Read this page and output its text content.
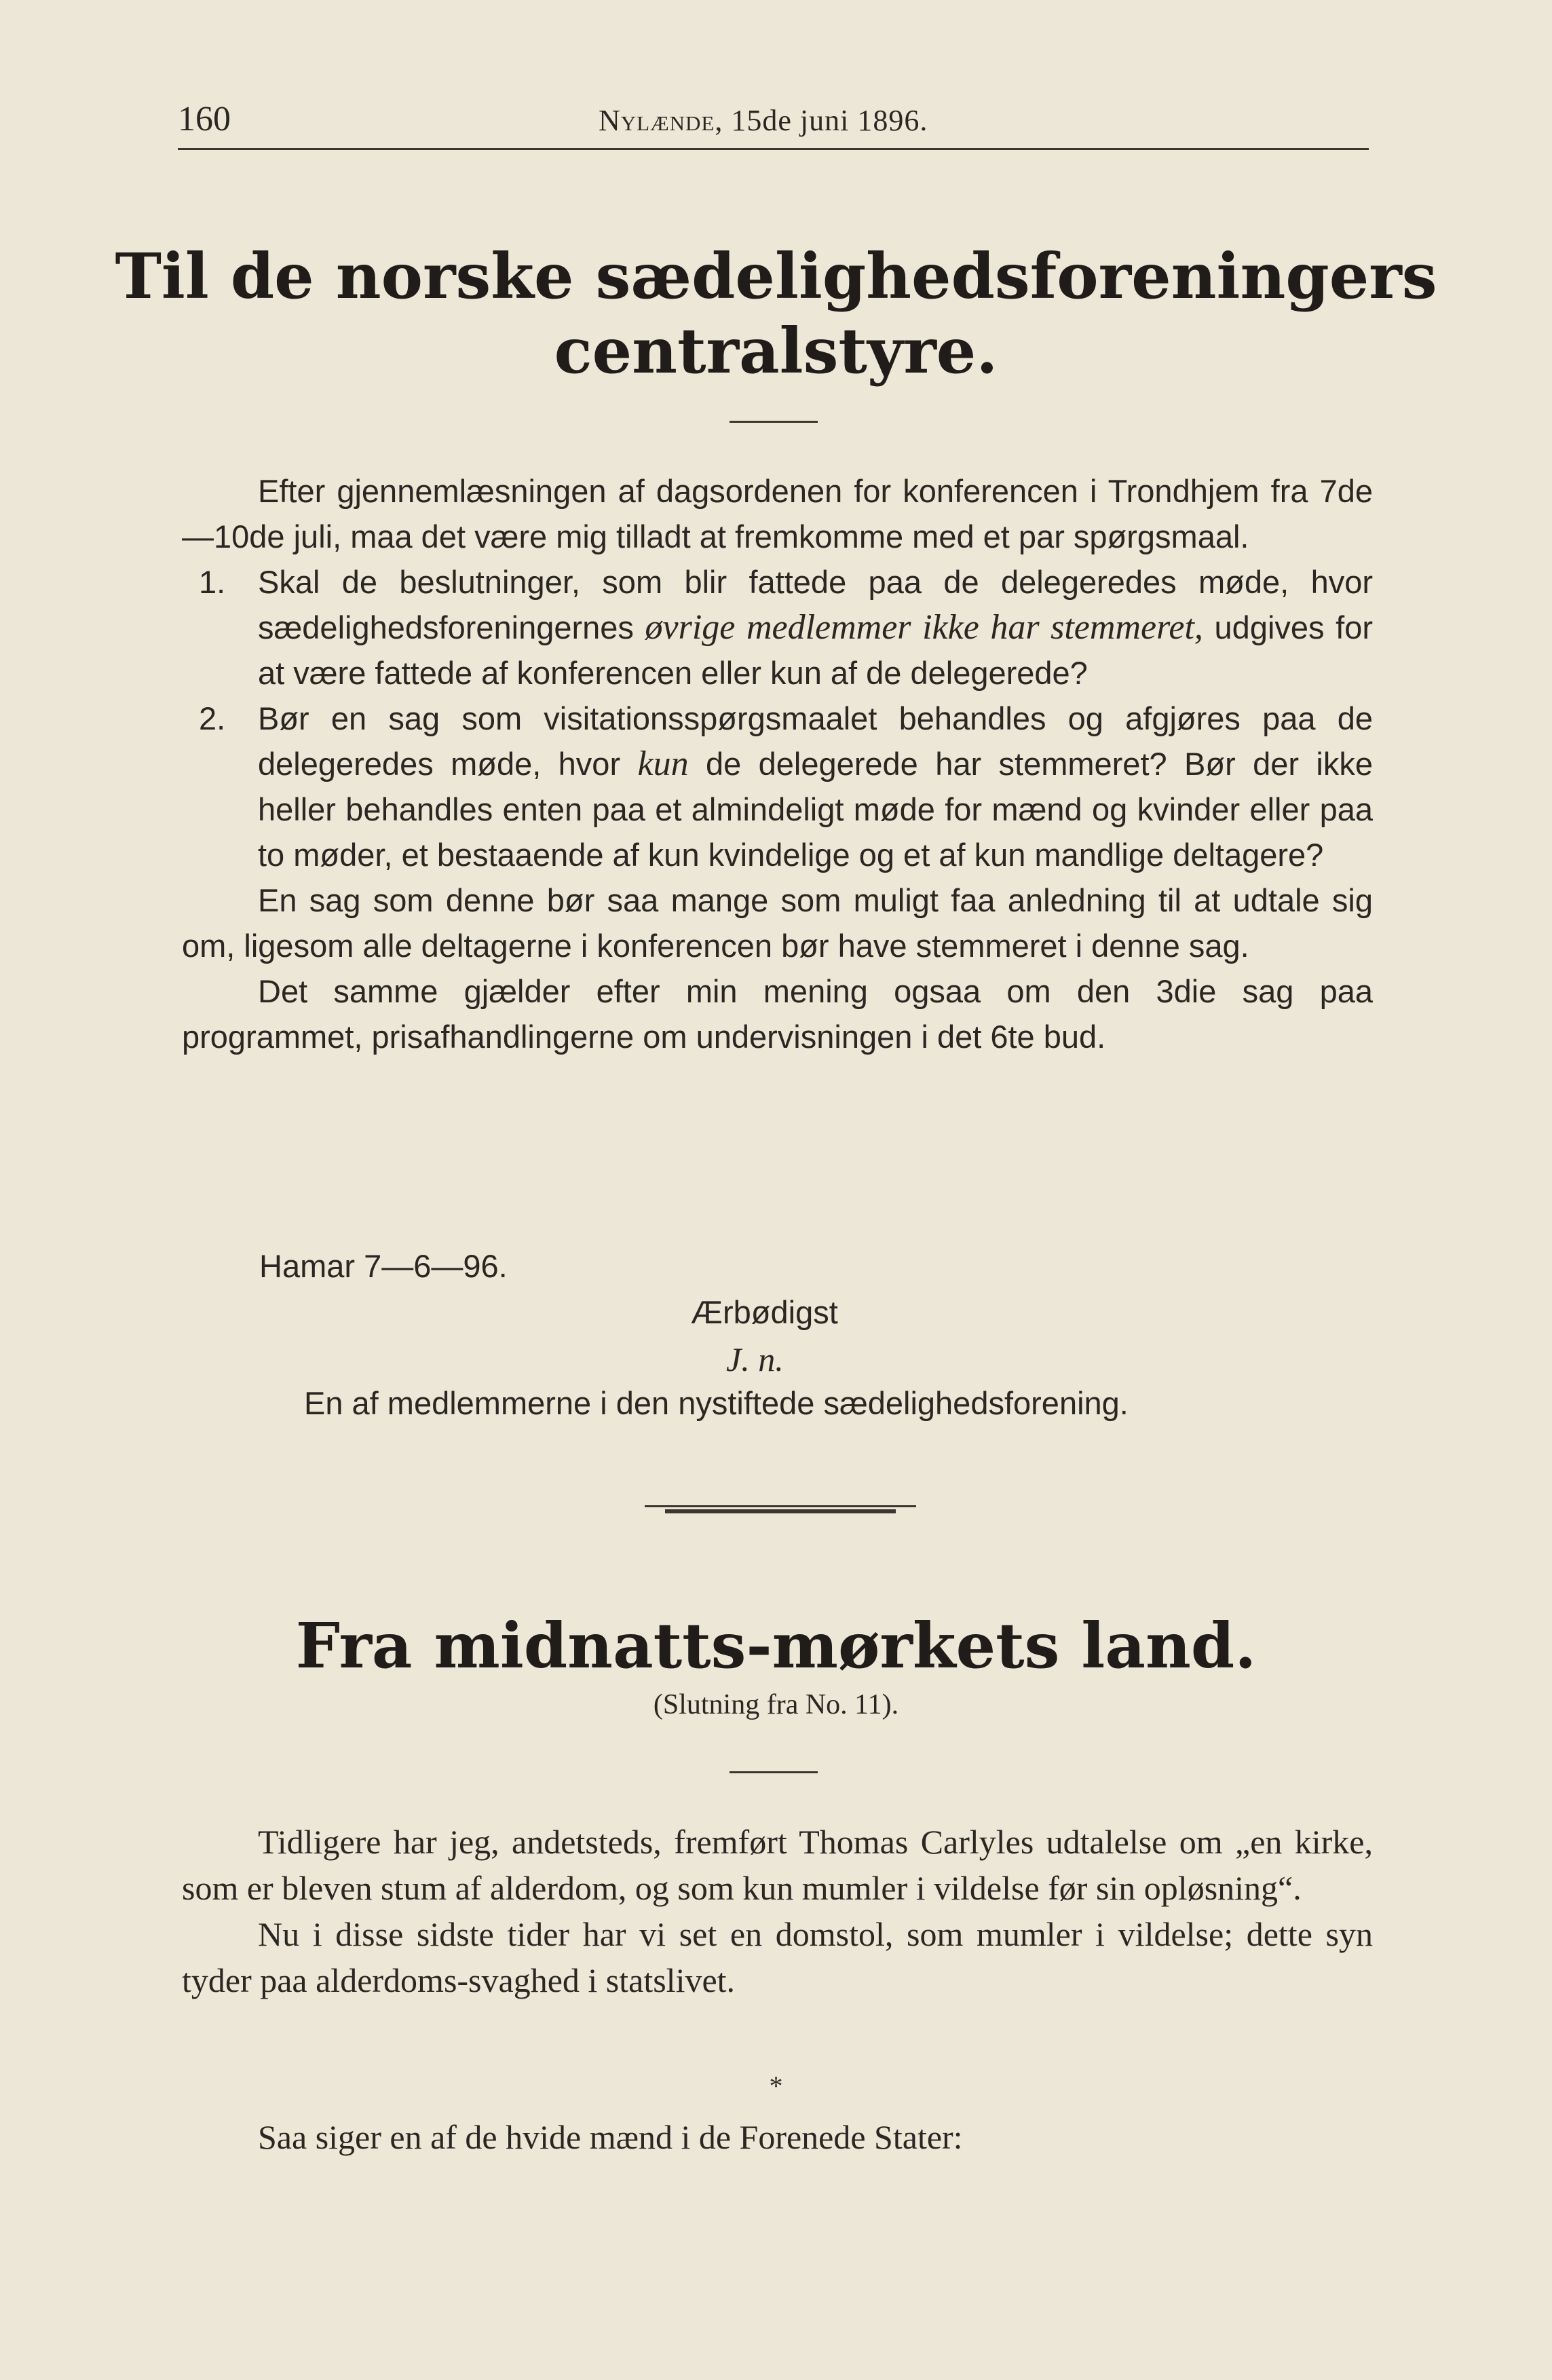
160	Nylænde, 15de juni 1896.
Til de norske sædelighedsforeningers
centralstyre.

Efter gjennemlæsningen af dagsordenen for konferencen i Trondhjem fra 7de—10de juli, maa det være mig tilladt at fremkomme med et par spørgsmaal.

1. Skal de beslutninger, som blir fattede paa de delegeredes møde, hvor sædelighedsforeningernes øvrige medlemmer ikke har stemmeret, udgives for at være fattede af konferencen eller kun af de delegerede?

2. Bør en sag som visitationsspørgsmaalet behandles og afgjøres paa de delegeredes møde, hvor kun de delegerede har stemmeret? Bør der ikke heller behandles enten paa et almindeligt møde for mænd og kvinder eller paa to møder, et bestaaende af kun kvindelige og et af kun mandlige deltagere?

En sag som denne bør saa mange som muligt faa anledning til at udtale sig om, ligesom alle deltagerne i konferencen bør have stemmeret i denne sag.

Det samme gjælder efter min mening ogsaa om den 3die sag paa programmet, prisafhandlingerne om undervisningen i det 6te bud.

Hamar 7—6—96.
Ærbødigst
J. n.
En af medlemmerne i den nystiftede sædelighedsforening.
Fra midnatts-mørkets land.
(Slutning fra No. 11).

Tidligere har jeg, andetsteds, fremført Thomas Carlyles udtalelse om „en kirke, som er bleven stum af alderdom, og som kun mumler i vildelse før sin opløsning“.

Nu i disse sidste tider har vi set en domstol, som mumler i vildelse; dette syn tyder paa alderdoms-svaghed i statslivet.

*
Saa siger en af de hvide mænd i de Forenede Stater:
